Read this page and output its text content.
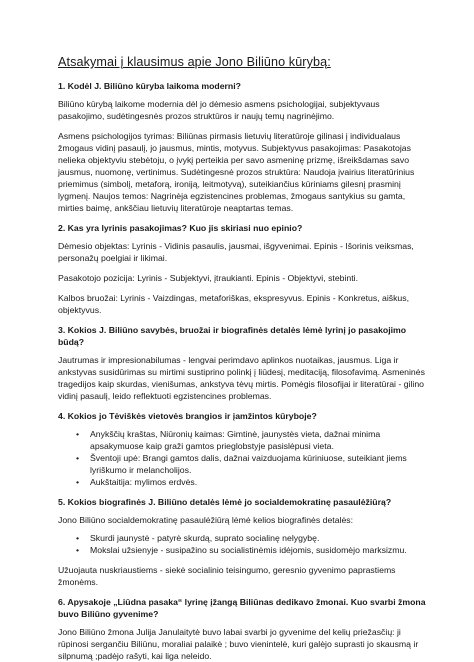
Atsakymai į klausimus apie Jono Biliūno kūrybą:
1. Kodėl J. Biliūno kūryba laikoma moderni?
Biliūno kūrybą laikome modernia dėl jo dėmesio asmens psichologijai, subjektyvaus pasakojimo, sudėtingesnės prozos struktūros ir naujų temų nagrinėjimo.
Asmens psichologijos tyrimas: Biliūnas pirmasis lietuvių literatūroje gilinasi į individualaus žmogaus vidinį pasaulį, jo jausmus, mintis, motyvus. Subjektyvus pasakojimas: Pasakotojas nelieka objektyviu stebėtoju, o įvykį perteikia per savo asmeninę prizmę, išreikšdamas savo jausmus, nuomonę, vertinimus. Sudėtingesnė prozos struktūra: Naudoja įvairius literatūrinius priemimus (simbolį, metaforą, ironiją, leitmotyvą), suteikiančius kūriniams gilesnį prasminį lygmenį. Naujos temos: Nagrinėja egzistencines problemas, žmogaus santykius su gamta, mirties baimę, ankščiau lietuvių literatūroje neaptartas temas.
2. Kas yra lyrinis pasakojimas? Kuo jis skiriasi nuo epinio?
Dėmesio objektas: Lyrinis - Vidinis pasaulis, jausmai, išgyvenimai. Epinis - Išorinis veiksmas, personažų poelgiai ir likimai.
Pasakotojo pozicija: Lyrinis - Subjektyvi, įtraukianti. Epinis - Objektyvi, stebinti.
Kalbos bruožai: Lyrinis - Vaizdingas, metaforiškas, ekspresyvus. Epinis - Konkretus, aiškus, objektyvus.
3. Kokios J. Biliūno savybės, bruožai ir biografinės detalės lėmė lyrinį jo pasakojimo būdą?
Jautrumas ir impresionabilumas - lengvai perimdavo aplinkos nuotaikas, jausmus. Liga ir ankstyvas susidūrimas su mirtimi sustiprino polinkį į liūdesį, meditaciją, filosofavimą. Asmeninės tragedijos kaip skurdas, vienišumas, ankstyva tėvų mirtis. Pomėgis filosofijai ir literatūrai - gilino vidinį pasaulį, leido reflektuoti egzistencines problemas.
4. Kokios jo Tėviškės vietovės brangios ir įamžintos kūryboje?
• Anykščių kraštas, Niūronių kaimas: Gimtinė, jaunystės vieta, dažnai minima apsakymuose kaip graži gamtos prieglobstyje pasislėpusi vieta.
• Šventoji upė: Brangi gamtos dalis, dažnai vaizduojama kūriniuose, suteikiant jiems lyriškumo ir melancholijos.
• Aukštaitija: mylimos erdvės.
5. Kokios biografinės J. Biliūno detalės lėmė jo socialdemokratinę pasaulėžiūrą?
Jono Biliūno socialdemokratinę pasaulėžiūrą lėmė kelios biografinės detalės:
• Skurdi jaunystė - patyrė skurdą, suprato socialinę nelygybę.
• Mokslai užsienyje - susipažino su socialistinėmis idėjomis, susidomėjo marksizmu.
Užuojauta nuskriaustiems - siekė socialinio teisingumo, geresnio gyvenimo paprastiems žmonėms.
6. Apysakoje „Liūdna pasaka“ lyrinę įžangą Biliūnas dedikavo žmonai. Kuo svarbi žmona buvo Biliūno gyvenime?
Jono Biliūno žmona Julija Janulaitytė buvo labai svarbi jo gyvenime del kelių priežasčių: ji rūpinosi sergančiu Biliūnu, moraliai palaikė ; buvo vienintelė, kuri galėjo suprasti jo skausmą ir silpnumą ;padėjo rašyti, kai liga neleido.
